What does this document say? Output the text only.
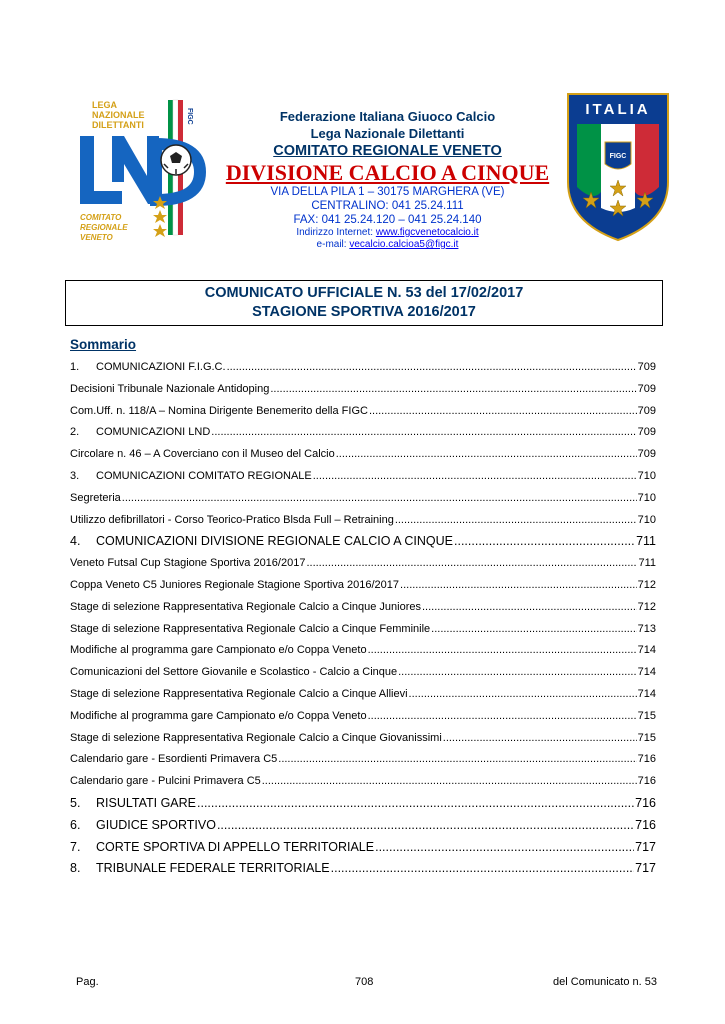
LEGA
NAZIONALE
DILETTANTI
FIGC
COMITATO
REGIONALE
VENETO
ITALIA
FIGC
Federazione Italiana Giuoco Calcio
Lega Nazionale Dilettanti
COMITATO REGIONALE VENETO
DIVISIONE CALCIO A CINQUE
VIA DELLA PILA 1 – 30175 MARGHERA (VE)
CENTRALINO: 041 25.24.111
FAX: 041 25.24.120 – 041 25.24.140
Indirizzo Internet: www.figcvenetocalcio.it
e-mail: vecalcio.calcioa5@figc.it
COMUNICATO UFFICIALE N. 53 del 17/02/2017
STAGIONE SPORTIVA 2016/2017
Sommario
1.	COMUNICAZIONI F.I.G.C. .....	709
Decisioni Tribunale Nazionale Antidoping .....	709
Com.Uff. n. 118/A – Nomina Dirigente Benemerito della FIGC .....	709
2.	COMUNICAZIONI LND .....	709
Circolare n. 46 – A Coverciano con il Museo del Calcio .....	709
3.	COMUNICAZIONI COMITATO REGIONALE .....	710
Segreteria .....	710
Utilizzo defibrillatori - Corso Teorico-Pratico Blsda Full – Retraining .....	710
4.	COMUNICAZIONI DIVISIONE REGIONALE CALCIO A CINQUE .....	711
Veneto Futsal Cup Stagione Sportiva 2016/2017 .....	711
Coppa Veneto C5 Juniores Regionale Stagione Sportiva 2016/2017 .....	712
Stage di selezione Rappresentativa Regionale Calcio a Cinque Juniores .....	712
Stage di selezione Rappresentativa Regionale Calcio a Cinque Femminile .....	713
Modifiche al programma gare Campionato e/o Coppa Veneto .....	714
Comunicazioni del Settore Giovanile e Scolastico - Calcio a Cinque .....	714
Stage di selezione Rappresentativa Regionale Calcio a Cinque Allievi .....	714
Modifiche al programma gare Campionato e/o Coppa Veneto .....	715
Stage di selezione Rappresentativa Regionale Calcio a Cinque Giovanissimi .....	715
Calendario gare - Esordienti Primavera C5 .....	716
Calendario gare - Pulcini Primavera C5 .....	716
5.	RISULTATI GARE .....	716
6.	GIUDICE SPORTIVO .....	716
7.	CORTE SPORTIVA DI APPELLO TERRITORIALE .....	717
8.	TRIBUNALE FEDERALE TERRITORIALE .....	717
Pag.	708	del Comunicato n. 53
